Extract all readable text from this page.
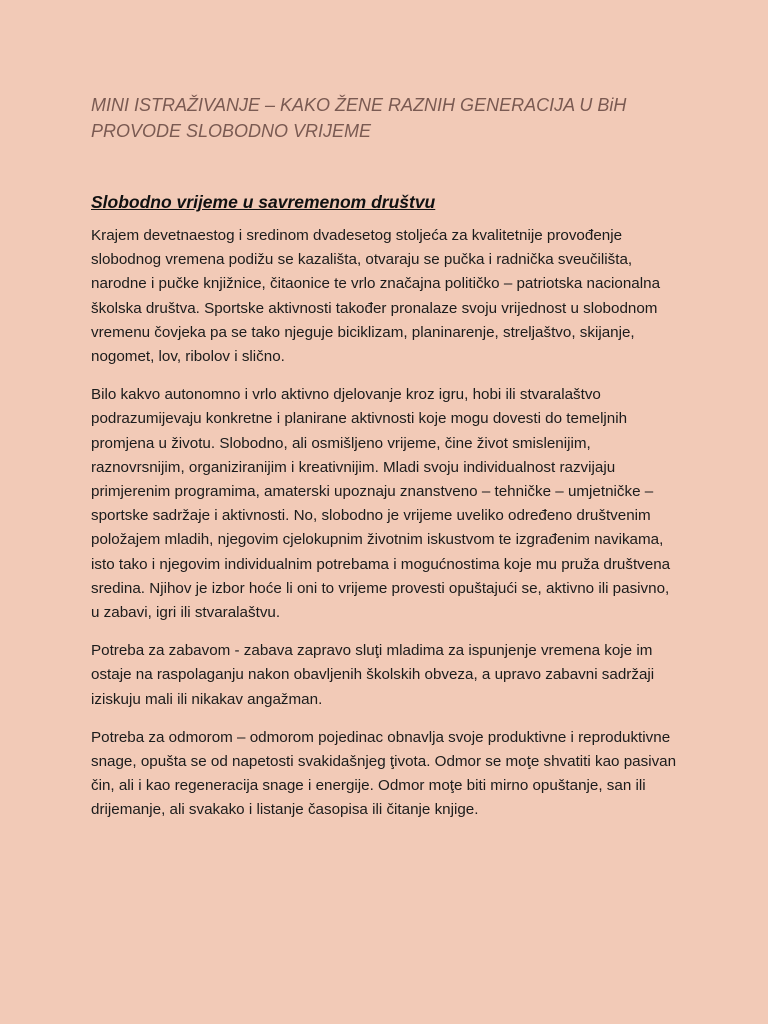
MINI ISTRAŽIVANJE – KAKO ŽENE RAZNIH GENERACIJA U BiH PROVODE SLOBODNO VRIJEME
Slobodno vrijeme u savremenom društvu

Krajem devetnaestog i sredinom dvadesetog stoljeća za kvalitetnije provođenje slobodnog vremena podižu se kazališta, otvaraju se pučka i radnička sveučilišta, narodne i pučke knjižnice, čitaonice te vrlo značajna političko – patriotska nacionalna školska društva. Sportske aktivnosti također pronalaze svoju vrijednost u slobodnom vremenu čovjeka pa se tako njeguje biciklizam, planinarenje, streljaštvo, skijanje, nogomet, lov, ribolov i slično.

Bilo kakvo autonomno i vrlo aktivno djelovanje kroz igru, hobi ili stvaralaštvo podrazumijevaju konkretne i planirane aktivnosti koje mogu dovesti do temeljnih promjena u životu. Slobodno, ali osmišljeno vrijeme, čine život smislenijim, raznovrsnijim, organiziranijim i kreativnijim. Mladi svoju individualnost razvijaju primjerenim programima, amaterski upoznaju znanstveno – tehničke – umjetničke – sportske sadržaje i aktivnosti. No, slobodno je vrijeme uveliko određeno društvenim položajem mladih, njegovim cjelokupnim životnim iskustvom te izgrađenim navikama, isto tako i njegovim individualnim potrebama i mogućnostima koje mu pruža društvena sredina. Njihov je izbor hoće li oni to vrijeme provesti opuštajući se, aktivno ili pasivno, u zabavi, igri ili stvaralaštvu.

Potreba za zabavom - zabava zapravo sluţi mladima za ispunjenje vremena koje im ostaje na raspolaganju nakon obavljenih školskih obveza, a upravo zabavni sadržaji iziskuju mali ili nikakav angažman.

Potreba za odmorom – odmorom pojedinac obnavlja svoje produktivne i reproduktivne snage, opušta se od napetosti svakidašnjeg ţivota. Odmor se moţe shvatiti kao pasivan čin, ali i kao regeneracija snage i energije. Odmor moţe biti mirno opuštanje, san ili drijemanje, ali svakako i listanje časopisa ili čitanje knjige.
